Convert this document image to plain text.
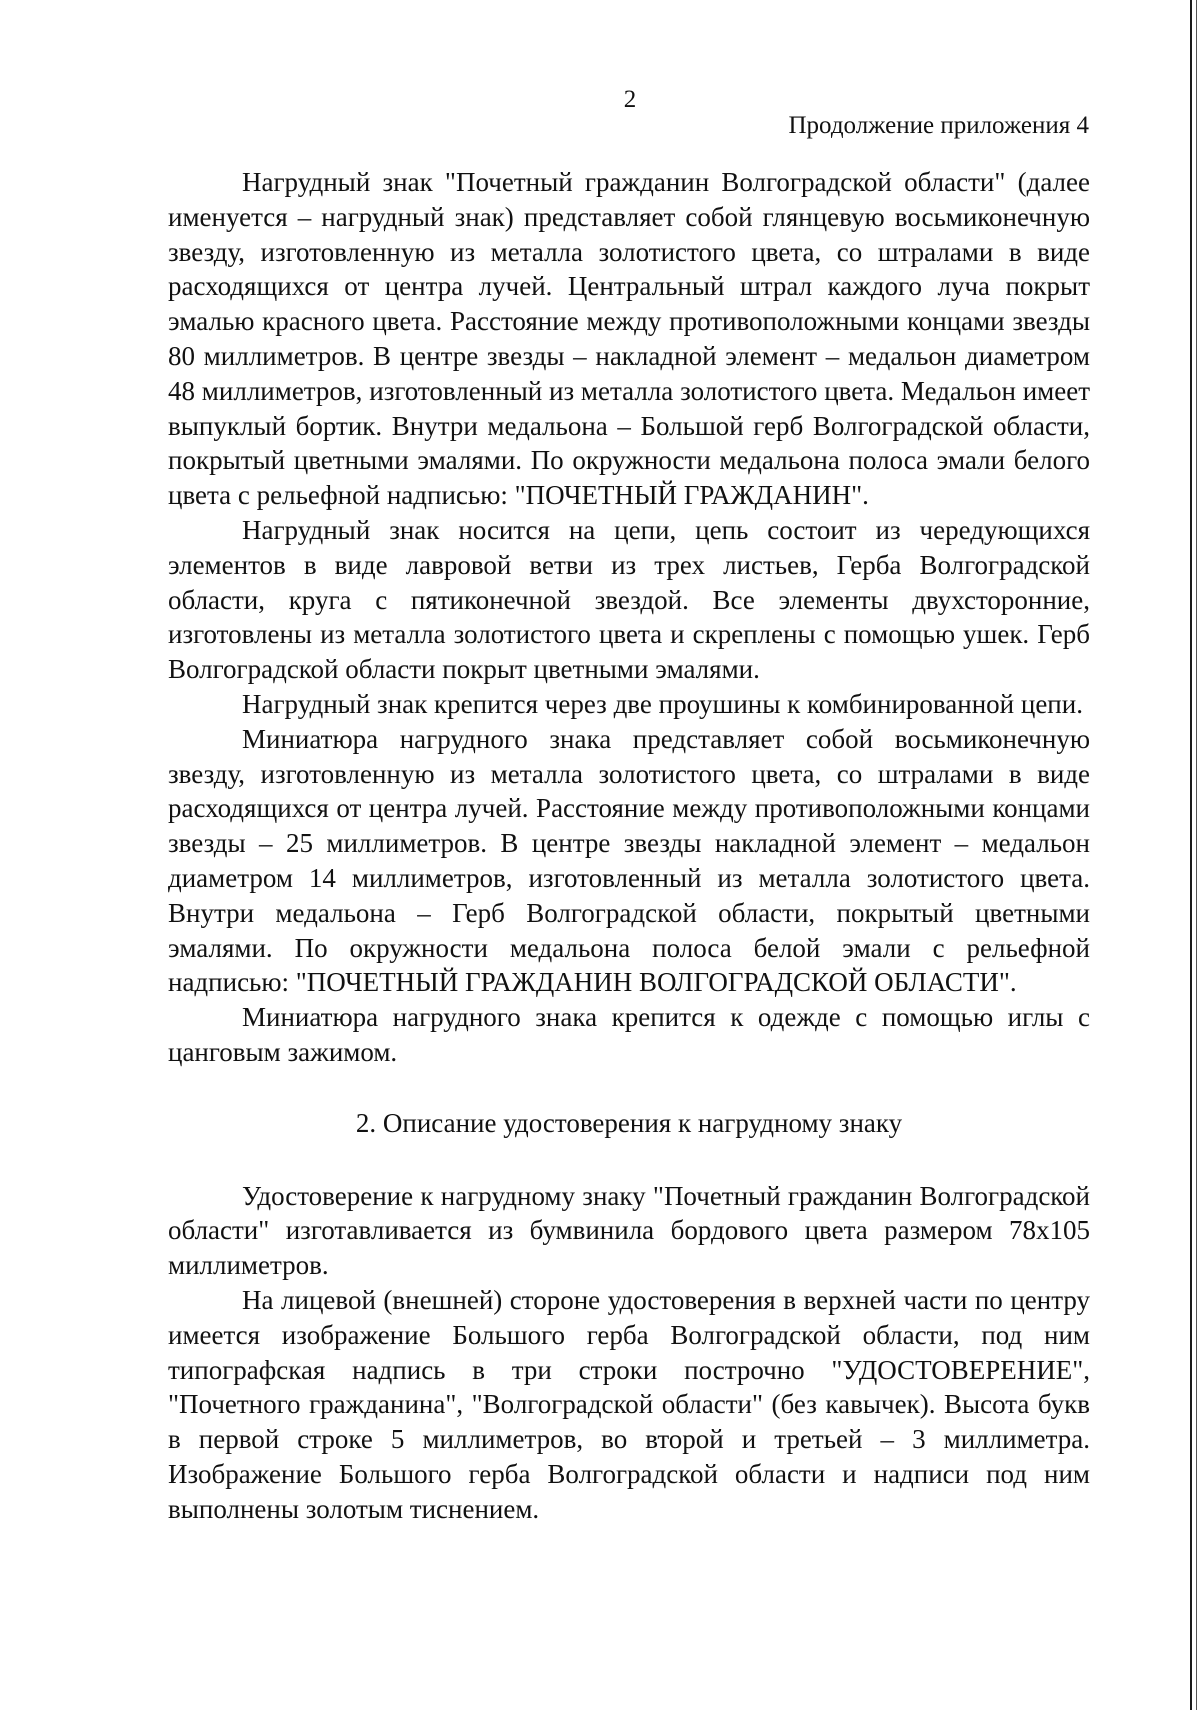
2

Продолжение приложения 4

Нагрудный знак "Почетный гражданин Волгоградской области" (далее именуется – нагрудный знак) представляет собой глянцевую восьмиконечную звезду, изготовленную из металла золотистого цвета, со штралами в виде расходящихся от центра лучей. Центральный штрал каждого луча покрыт эмалью красного цвета. Расстояние между противоположными концами звезды 80 миллиметров. В центре звезды – накладной элемент – медальон диаметром 48 миллиметров, изготовленный из металла золотистого цвета. Медальон имеет выпуклый бортик. Внутри медальона – Большой герб Волгоградской области, покрытый цветными эмалями. По окружности медальона полоса эмали белого цвета с рельефной надписью: "ПОЧЕТНЫЙ ГРАЖДАНИН".

Нагрудный знак носится на цепи, цепь состоит из чередующихся элементов в виде лавровой ветви из трех листьев, Герба Волгоградской области, круга с пятиконечной звездой. Все элементы двухсторонние, изготовлены из металла золотистого цвета и скреплены с помощью ушек. Герб Волгоградской области покрыт цветными эмалями.

Нагрудный знак крепится через две проушины к комбинированной цепи.

Миниатюра нагрудного знака представляет собой восьмиконечную звезду, изготовленную из металла золотистого цвета, со штралами в виде расходящихся от центра лучей. Расстояние между противоположными концами звезды – 25 миллиметров. В центре звезды накладной элемент – медальон диаметром 14 миллиметров, изготовленный из металла золотистого цвета. Внутри медальона – Герб Волгоградской области, покрытый цветными эмалями. По окружности медальона полоса белой эмали с рельефной надписью: "ПОЧЕТНЫЙ ГРАЖДАНИН ВОЛГОГРАДСКОЙ ОБЛАСТИ".

Миниатюра нагрудного знака крепится к одежде с помощью иглы с цанговым зажимом.

2. Описание удостоверения к нагрудному знаку

Удостоверение к нагрудному знаку "Почетный гражданин Волгоградской области" изготавливается из бумвинила бордового цвета размером 78x105 миллиметров.

На лицевой (внешней) стороне удостоверения в верхней части по центру имеется изображение Большого герба Волгоградской области, под ним типографская надпись в три строки построчно "УДОСТОВЕРЕНИЕ", "Почетного гражданина", "Волгоградской области" (без кавычек). Высота букв в первой строке 5 миллиметров, во второй и третьей – 3 миллиметра. Изображение Большого герба Волгоградской области и надписи под ним выполнены золотым тиснением.
